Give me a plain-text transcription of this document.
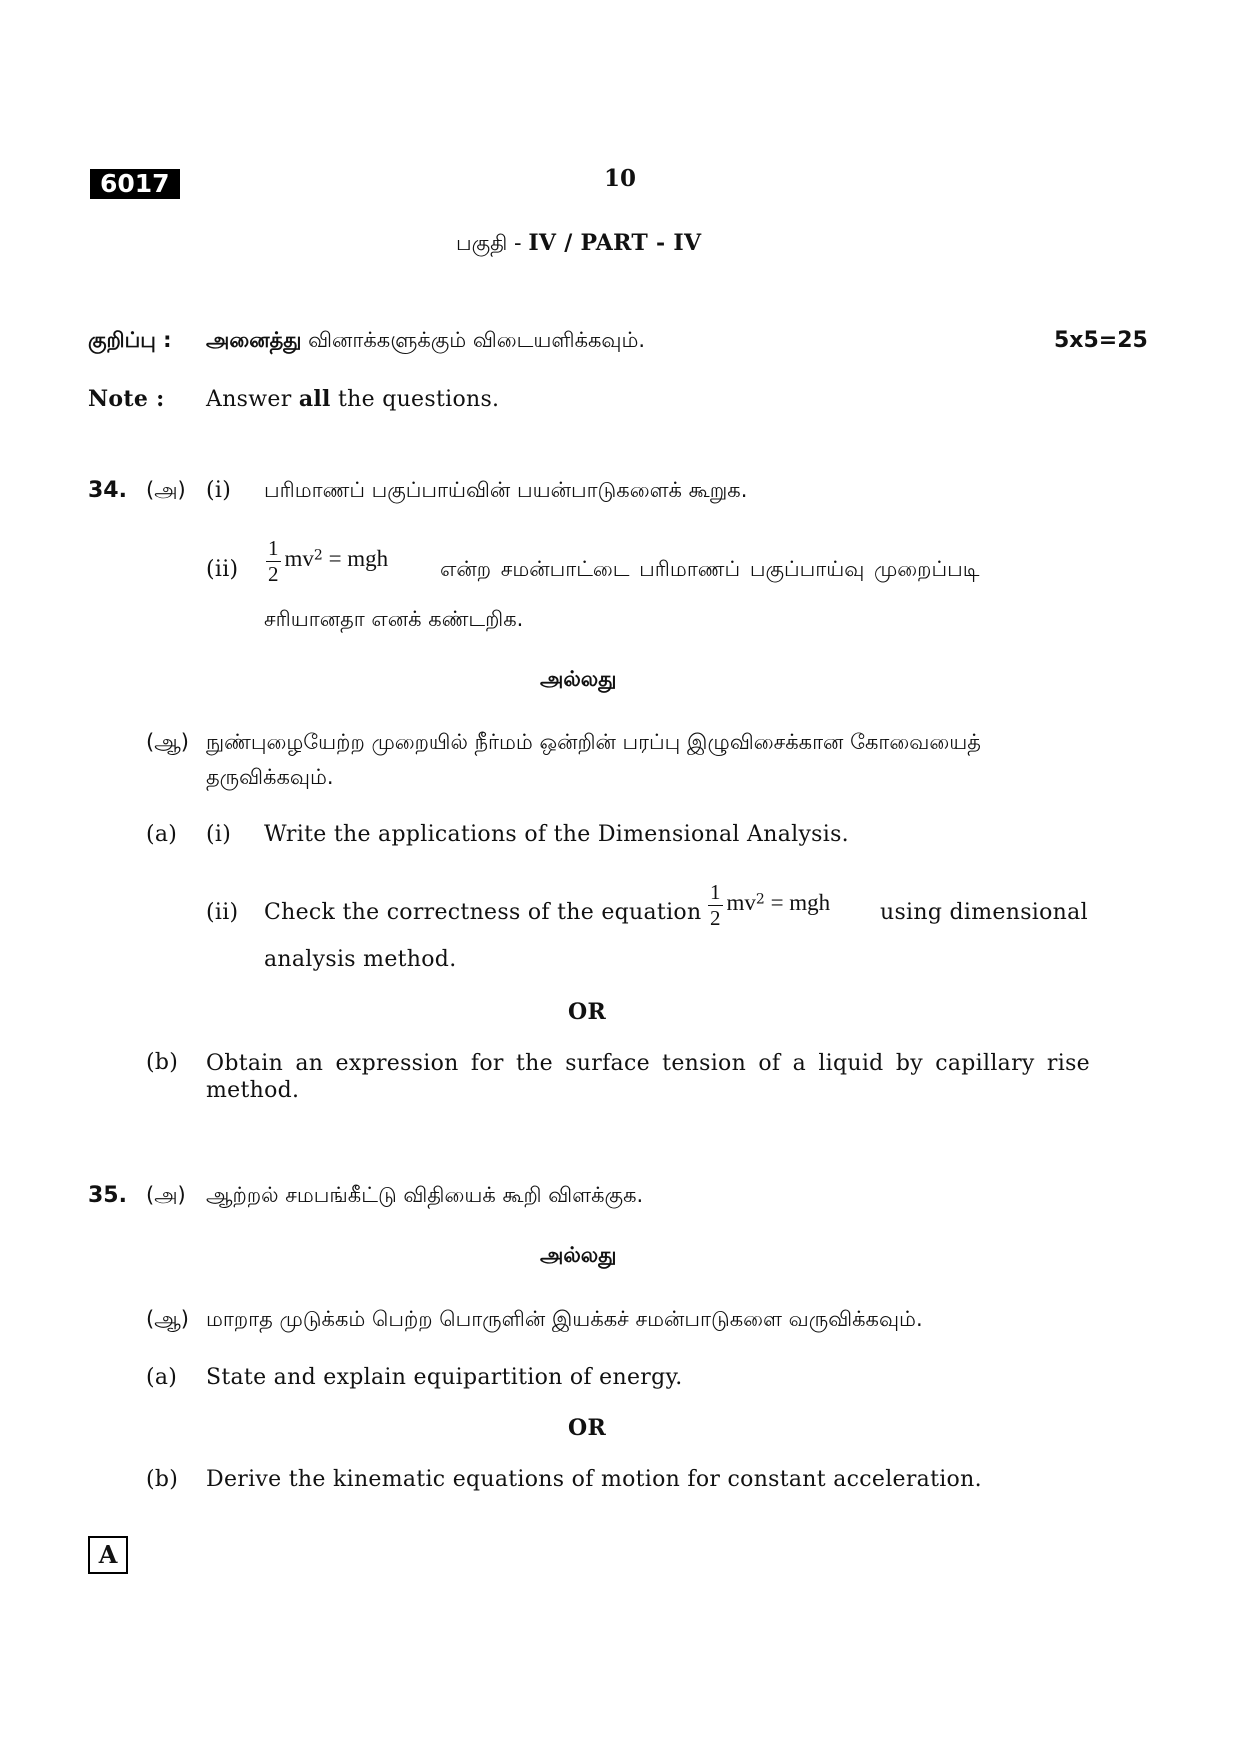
6017	10
பகுதி - IV / PART - IV
குறிப்பு : அனைத்து வினாக்களுக்கும் விடையளிக்கவும்.	5x5=25
Note : Answer all the questions.
34. (அ) (i) பரிமாணப் பகுப்பாய்வின் பயன்பாடுகளைக் கூறுக.
$(ii) \frac{1}{2} mv^2$ = mgh என்ற சமன்பாட்டை பரிமாணப் பகுப்பாய்வு முறைப்படி
சரியானதா எனக் கண்டறிக.
அல்லது
(ஆ) நுண்புழையேற்ற முறையில் நீர்மம் ஒன்றின் பரப்பு இழுவிசைக்கான கோவையைத்
தருவிக்கவும்.
(a) (i) Write the applications of the Dimensional Analysis.
(ii) Check the correctness of the equation $\frac{1}{2} mv^2$ = mgh using dimensional
analysis method.
OR
(b) Obtain an expression for the surface tension of a liquid by capillary rise method.
35. (அ) ஆற்றல் சமபங்கீட்டு விதியைக் கூறி விளக்குக.
அல்லது
(ஆ) மாறாத முடுக்கம் பெற்ற பொருளின் இயக்கச் சமன்பாடுகளை வருவிக்கவும்.
(a) State and explain equipartition of energy.
OR
(b) Derive the kinematic equations of motion for constant acceleration.
A
